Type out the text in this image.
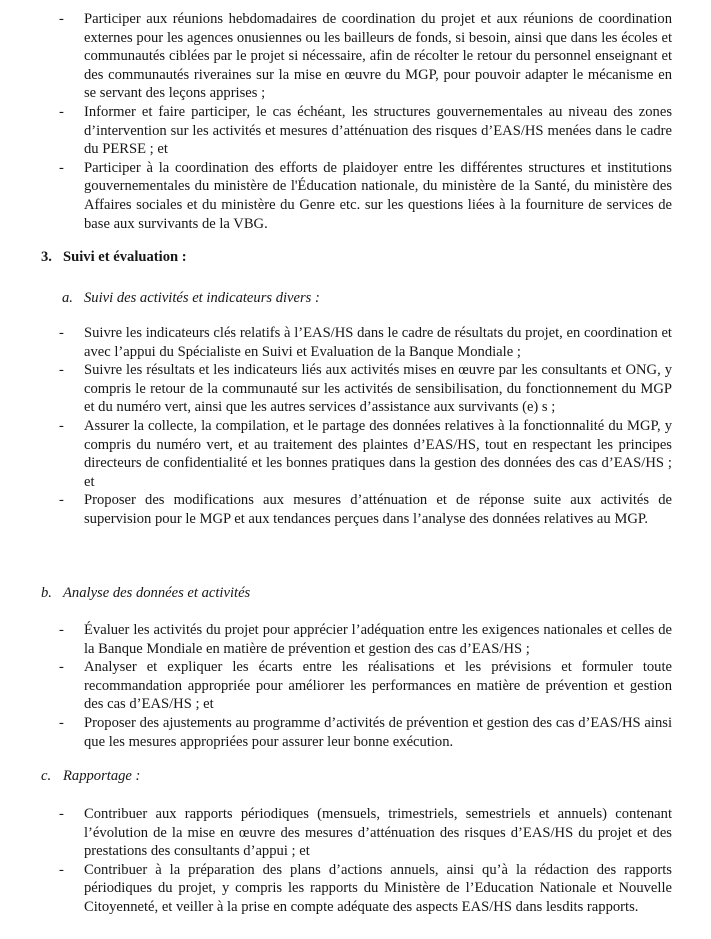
- Participer aux réunions hebdomadaires de coordination du projet et aux réunions de coordination externes pour les agences onusiennes ou les bailleurs de fonds, si besoin, ainsi que dans les écoles et communautés ciblées par le projet si nécessaire, afin de récolter le retour du personnel enseignant et des communautés riveraines sur la mise en œuvre du MGP, pour pouvoir adapter le mécanisme en se servant des leçons apprises ;
- Informer et faire participer, le cas échéant, les structures gouvernementales au niveau des zones d’intervention sur les activités et mesures d’atténuation des risques d’EAS/HS menées dans le cadre du PERSE ; et
- Participer à la coordination des efforts de plaidoyer entre les différentes structures et institutions gouvernementales du ministère de l'Éducation nationale, du ministère de la Santé, du ministère des Affaires sociales et du ministère du Genre etc. sur les questions liées à la fourniture de services de base aux survivants de la VBG.
3. Suivi et évaluation :
a. Suivi des activités et indicateurs divers :
- Suivre les indicateurs clés relatifs à l’EAS/HS dans le cadre de résultats du projet, en coordination et avec l’appui du Spécialiste en Suivi et Evaluation de la Banque Mondiale ;
- Suivre les résultats et les indicateurs liés aux activités mises en œuvre par les consultants et ONG, y compris le retour de la communauté sur les activités de sensibilisation, du fonctionnement du MGP et du numéro vert, ainsi que les autres services d’assistance aux survivants (e) s ;
- Assurer la collecte, la compilation, et le partage des données relatives à la fonctionnalité du MGP, y compris du numéro vert, et au traitement des plaintes d’EAS/HS, tout en respectant les principes directeurs de confidentialité et les bonnes pratiques dans la gestion des données des cas d’EAS/HS ; et
- Proposer des modifications aux mesures d’atténuation et de réponse suite aux activités de supervision pour le MGP et aux tendances perçues dans l’analyse des données relatives au MGP.
b. Analyse des données et activités
- Évaluer les activités du projet pour apprécier l’adéquation entre les exigences nationales et celles de la Banque Mondiale en matière de prévention et gestion des cas d’EAS/HS ;
- Analyser et expliquer les écarts entre les réalisations et les prévisions et formuler toute recommandation appropriée pour améliorer les performances en matière de prévention et gestion des cas d’EAS/HS ; et
- Proposer des ajustements au programme d’activités de prévention et gestion des cas d’EAS/HS ainsi que les mesures appropriées pour assurer leur bonne exécution.
c. Rapportage :
- Contribuer aux rapports périodiques (mensuels, trimestriels, semestriels et annuels) contenant l’évolution de la mise en œuvre des mesures d’atténuation des risques d’EAS/HS du projet et des prestations des consultants d’appui ; et
- Contribuer à la préparation des plans d’actions annuels, ainsi qu’à la rédaction des rapports périodiques du projet, y compris les rapports du Ministère de l’Education Nationale et Nouvelle Citoyenneté, et veiller à la prise en compte adéquate des aspects EAS/HS dans lesdits rapports.
